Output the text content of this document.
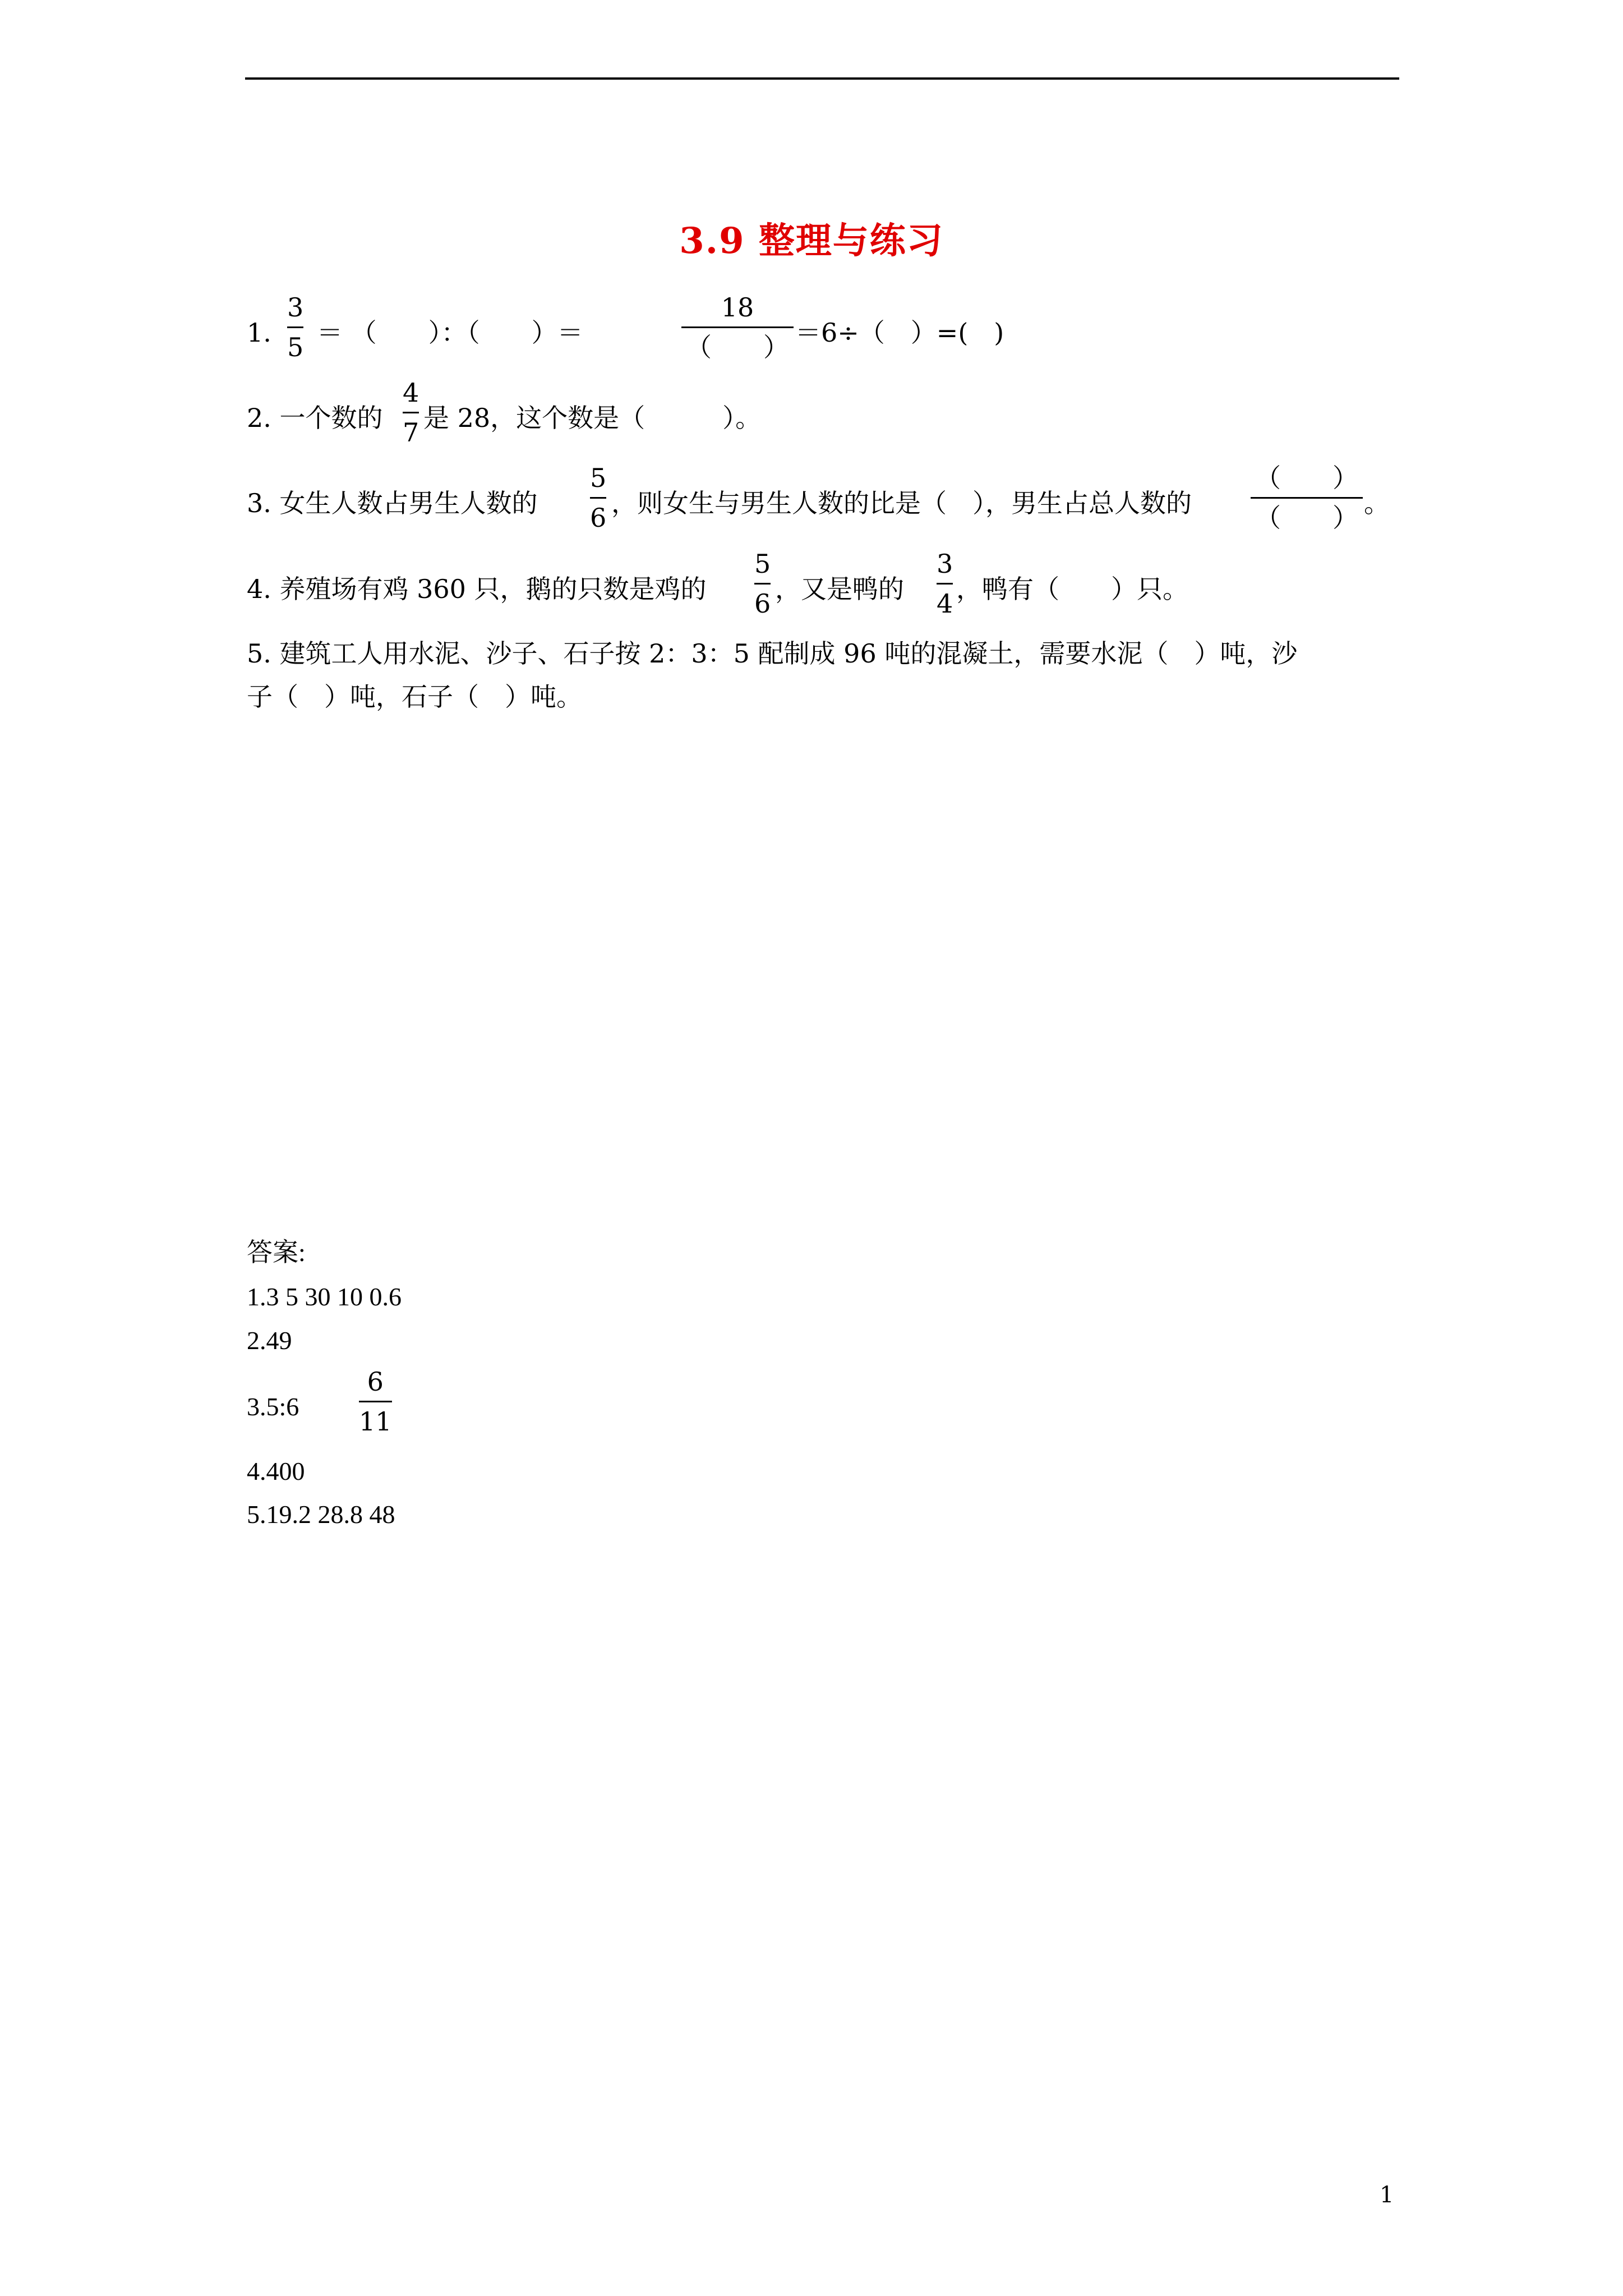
3.9 整理与练习
1.
3
5 ＝ （　　）：（　　）＝
18
（　　） ＝6÷（　）=(　)
2. 一个数的
4
7 是 28，这个数是（　　　）。
3. 女生人数占男生人数的
5
6 ，则女生与男生人数的比是（　），男生占总人数的
（　　）
（　　） 。
4. 养殖场有鸡 360 只，鹅的只数是鸡的
5
6 ，又是鸭的
3
4 ，鸭有（　　）只。
5. 建筑工人用水泥、沙子、石子按 2：3：5 配制成 96 吨的混凝土，需要水泥（　）吨，沙
子（　）吨，石子（　）吨。
答案:
1.3 5 30 10 0.6
2.49
3.5:6
6
11
4.400
5.19.2 28.8 48
1
